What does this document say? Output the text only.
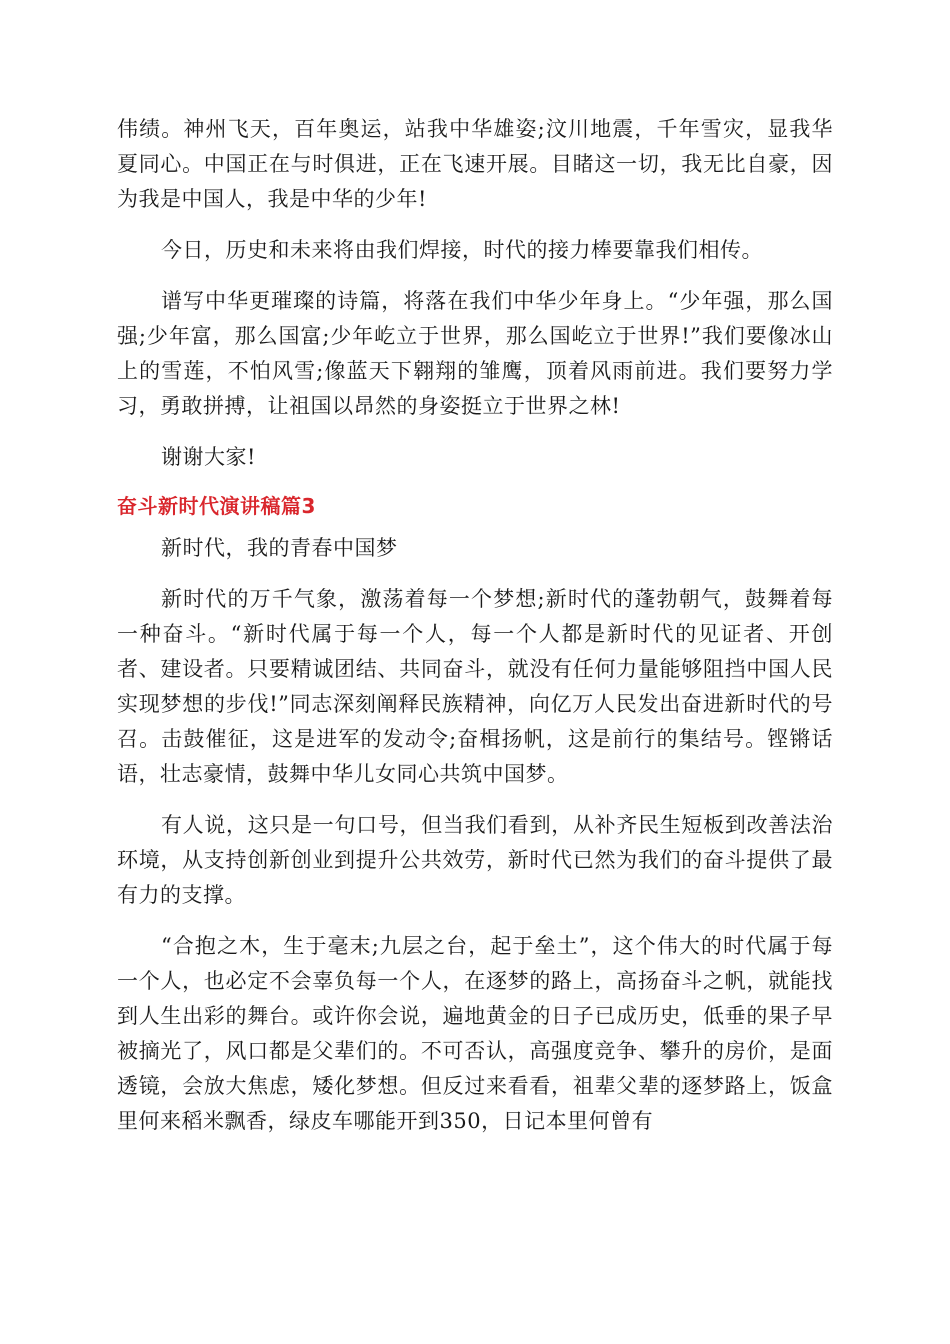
伟绩。神州飞天，百年奥运，站我中华雄姿;汶川地震，千年雪灾，显我华夏同心。中国正在与时俱进，正在飞速开展。目睹这一切，我无比自豪，因为我是中国人，我是中华的少年!

今日，历史和未来将由我们焊接，时代的接力棒要靠我们相传。

谱写中华更璀璨的诗篇，将落在我们中华少年身上。“少年强，那么国强;少年富，那么国富;少年屹立于世界，那么国屹立于世界!”我们要像冰山上的雪莲，不怕风雪;像蓝天下翱翔的雏鹰，顶着风雨前进。我们要努力学习，勇敢拼搏，让祖国以昂然的身姿挺立于世界之林!

谢谢大家!

奋斗新时代演讲稿篇3

新时代，我的青春中国梦

新时代的万千气象，激荡着每一个梦想;新时代的蓬勃朝气，鼓舞着每一种奋斗。“新时代属于每一个人，每一个人都是新时代的见证者、开创者、建设者。只要精诚团结、共同奋斗，就没有任何力量能够阻挡中国人民实现梦想的步伐!”同志深刻阐释民族精神，向亿万人民发出奋进新时代的号召。击鼓催征，这是进军的发动令;奋楫扬帆，这是前行的集结号。铿锵话语，壮志豪情，鼓舞中华儿女同心共筑中国梦。

有人说，这只是一句口号，但当我们看到，从补齐民生短板到改善法治环境，从支持创新创业到提升公共效劳，新时代已然为我们的奋斗提供了最有力的支撑。

“合抱之木，生于毫末;九层之台，起于垒土”，这个伟大的时代属于每一个人，也必定不会辜负每一个人，在逐梦的路上，高扬奋斗之帆，就能找到人生出彩的舞台。或许你会说，遍地黄金的日子已成历史，低垂的果子早被摘光了，风口都是父辈们的。不可否认，高强度竞争、攀升的房价，是面透镜，会放大焦虑，矮化梦想。但反过来看看，祖辈父辈的逐梦路上，饭盒里何来稻米飘香，绿皮车哪能开到350，日记本里何曾有
